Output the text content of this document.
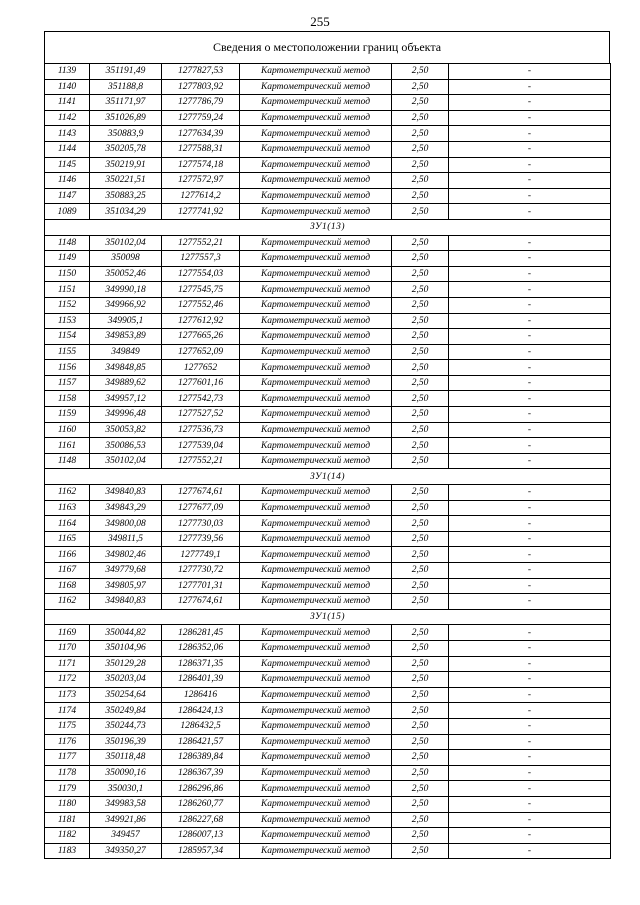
255
Сведения о местоположении границ объекта
1139	351191,49	1277827,53	Картометрический метод	2,50	-
1140	351188,8	1277803,92	Картометрический метод	2,50	-
1141	351171,97	1277786,79	Картометрический метод	2,50	-
1142	351026,89	1277759,24	Картометрический метод	2,50	-
1143	350883,9	1277634,39	Картометрический метод	2,50	-
1144	350205,78	1277588,31	Картометрический метод	2,50	-
1145	350219,91	1277574,18	Картометрический метод	2,50	-
1146	350221,51	1277572,97	Картометрический метод	2,50	-
1147	350883,25	1277614,2	Картометрический метод	2,50	-
1089	351034,29	1277741,92	Картометрический метод	2,50	-
ЗУ1(13)					
1148	350102,04	1277552,21	Картометрический метод	2,50	-
1149	350098	1277557,3	Картометрический метод	2,50	-
1150	350052,46	1277554,03	Картометрический метод	2,50	-
1151	349990,18	1277545,75	Картометрический метод	2,50	-
1152	349966,92	1277552,46	Картометрический метод	2,50	-
1153	349905,1	1277612,92	Картометрический метод	2,50	-
1154	349853,89	1277665,26	Картометрический метод	2,50	-
1155	349849	1277652,09	Картометрический метод	2,50	-
1156	349848,85	1277652	Картометрический метод	2,50	-
1157	349889,62	1277601,16	Картометрический метод	2,50	-
1158	349957,12	1277542,73	Картометрический метод	2,50	-
1159	349996,48	1277527,52	Картометрический метод	2,50	-
1160	350053,82	1277536,73	Картометрический метод	2,50	-
1161	350086,53	1277539,04	Картометрический метод	2,50	-
1148	350102,04	1277552,21	Картометрический метод	2,50	-
ЗУ1(14)					
1162	349840,83	1277674,61	Картометрический метод	2,50	-
1163	349843,29	1277677,09	Картометрический метод	2,50	-
1164	349800,08	1277730,03	Картометрический метод	2,50	-
1165	349811,5	1277739,56	Картометрический метод	2,50	-
1166	349802,46	1277749,1	Картометрический метод	2,50	-
1167	349779,68	1277730,72	Картометрический метод	2,50	-
1168	349805,97	1277701,31	Картометрический метод	2,50	-
1162	349840,83	1277674,61	Картометрический метод	2,50	-
ЗУ1(15)					
1169	350044,82	1286281,45	Картометрический метод	2,50	-
1170	350104,96	1286352,06	Картометрический метод	2,50	-
1171	350129,28	1286371,35	Картометрический метод	2,50	-
1172	350203,04	1286401,39	Картометрический метод	2,50	-
1173	350254,64	1286416	Картометрический метод	2,50	-
1174	350249,84	1286424,13	Картометрический метод	2,50	-
1175	350244,73	1286432,5	Картометрический метод	2,50	-
1176	350196,39	1286421,57	Картометрический метод	2,50	-
1177	350118,48	1286389,84	Картометрический метод	2,50	-
1178	350090,16	1286367,39	Картометрический метод	2,50	-
1179	350030,1	1286296,86	Картометрический метод	2,50	-
1180	349983,58	1286260,77	Картометрический метод	2,50	-
1181	349921,86	1286227,68	Картометрический метод	2,50	-
1182	349457	1286007,13	Картометрический метод	2,50	-
1183	349350,27	1285957,34	Картометрический метод	2,50	-
